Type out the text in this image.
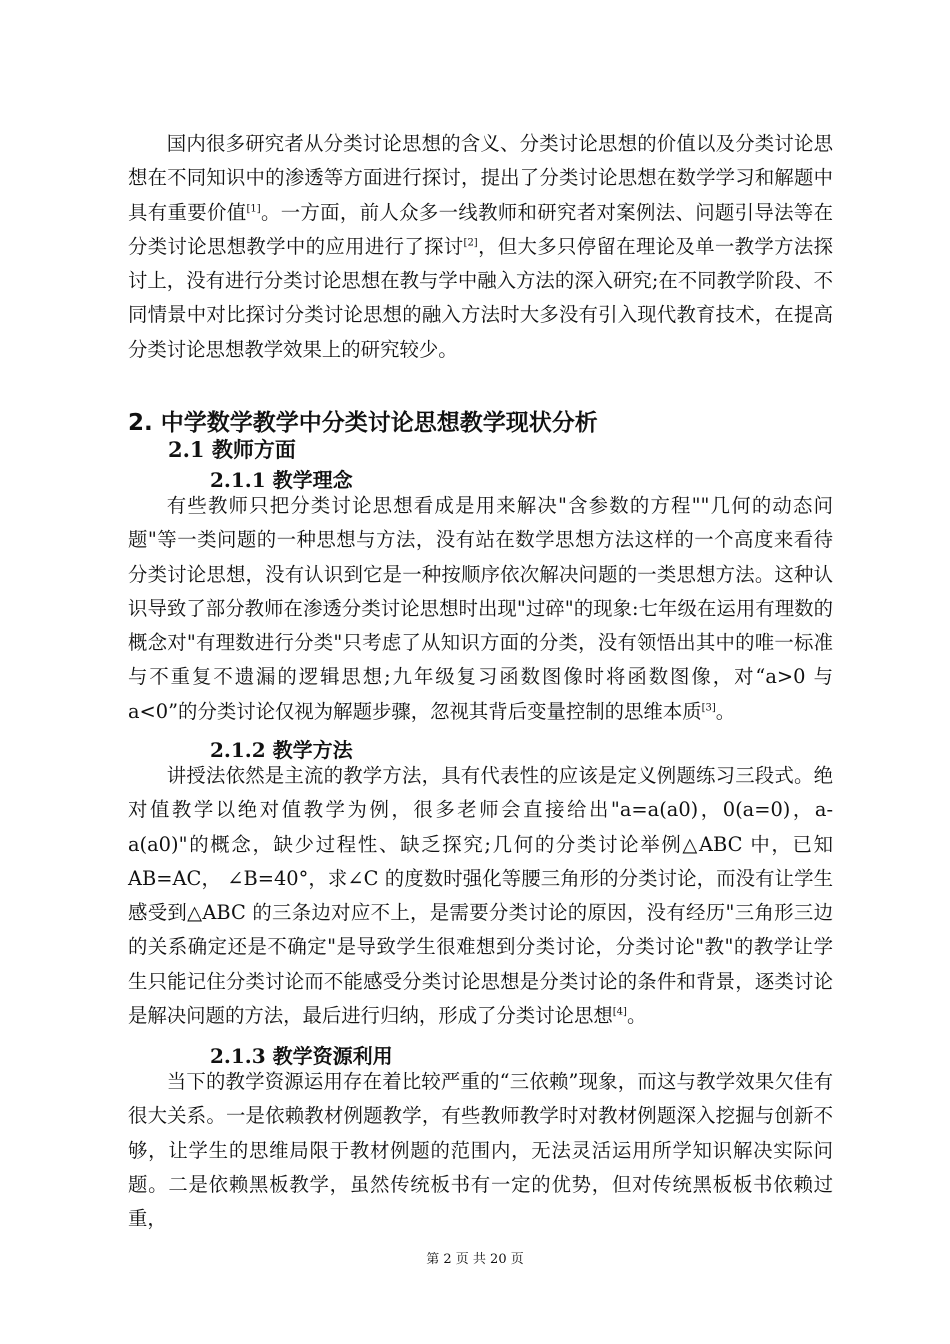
国内很多研究者从分类讨论思想的含义、分类讨论思想的价值以及分类讨论思想在不同知识中的渗透等方面进行探讨，提出了分类讨论思想在数学学习和解题中具有重要价值[1]。一方面，前人众多一线教师和研究者对案例法、问题引导法等在分类讨论思想教学中的应用进行了探讨[2]，但大多只停留在理论及单一教学方法探讨上，没有进行分类讨论思想在教与学中融入方法的深入研究;在不同教学阶段、不同情景中对比探讨分类讨论思想的融入方法时大多没有引入现代教育技术，在提高分类讨论思想教学效果上的研究较少。

2. 中学数学教学中分类讨论思想教学现状分析
2.1 教师方面
2.1.1 教学理念

有些教师只把分类讨论思想看成是用来解决"含参数的方程""几何的动态问题"等一类问题的一种思想与方法，没有站在数学思想方法这样的一个高度来看待分类讨论思想，没有认识到它是一种按顺序依次解决问题的一类思想方法。这种认识导致了部分教师在渗透分类讨论思想时出现"过碎"的现象:七年级在运用有理数的概念对"有理数进行分类"只考虑了从知识方面的分类，没有领悟出其中的唯一标准与不重复不遗漏的逻辑思想;九年级复习函数图像时将函数图像，对“a>0 与 a<0”的分类讨论仅视为解题步骤，忽视其背后变量控制的思维本质[3]。

2.1.2 教学方法

讲授法依然是主流的教学方法，具有代表性的应该是定义例题练习三段式。绝对值教学以绝对值教学为例，很多老师会直接给出"a=a(a0)，0(a=0)，a-a(a0)"的概念，缺少过程性、缺乏探究;几何的分类讨论举例△ABC 中，已知 AB=AC， ∠B=40°，求∠C 的度数时强化等腰三角形的分类讨论，而没有让学生感受到△ABC 的三条边对应不上，是需要分类讨论的原因，没有经历"三角形三边的关系确定还是不确定"是导致学生很难想到分类讨论，分类讨论"教"的教学让学生只能记住分类讨论而不能感受分类讨论思想是分类讨论的条件和背景，逐类讨论是解决问题的方法，最后进行归纳，形成了分类讨论思想[4]。

2.1.3 教学资源利用

当下的教学资源运用存在着比较严重的“三依赖”现象，而这与教学效果欠佳有很大关系。一是依赖教材例题教学，有些教师教学时对教材例题深入挖掘与创新不够，让学生的思维局限于教材例题的范围内，无法灵活运用所学知识解决实际问题。二是依赖黑板教学，虽然传统板书有一定的优势，但对传统黑板板书依赖过重，

第 2 页 共 20 页
